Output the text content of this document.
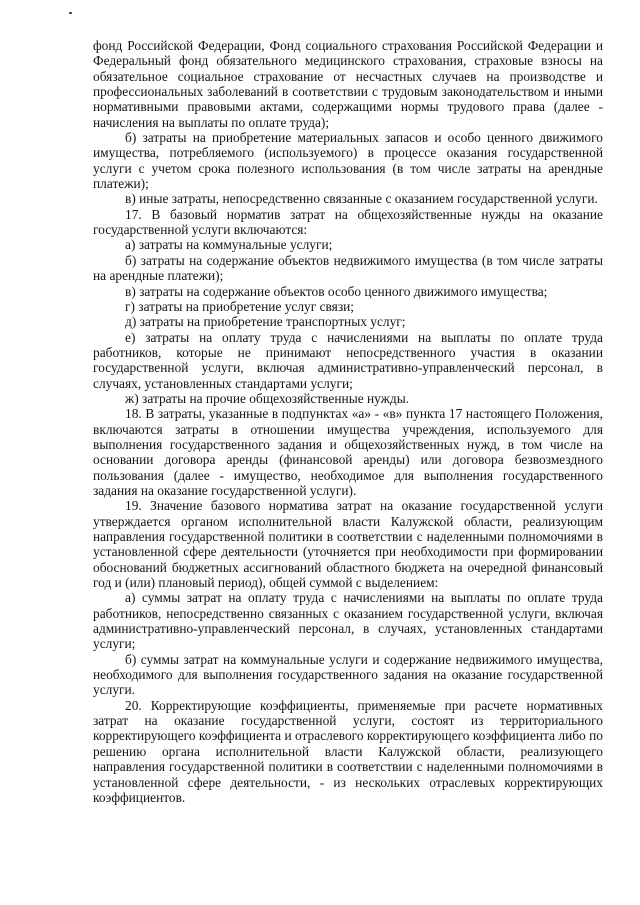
фонд Российской Федерации, Фонд социального страхования Российской Федерации и Федеральный фонд обязательного медицинского страхования, страховые взносы на обязательное социальное страхование от несчастных случаев на производстве и профессиональных заболеваний в соответствии с трудовым законодательством и иными нормативными правовыми актами, содержащими нормы трудового права (далее - начисления на выплаты по оплате труда);

б) затраты на приобретение материальных запасов и особо ценного движимого имущества, потребляемого (используемого) в процессе оказания государственной услуги с учетом срока полезного использования (в том числе затраты на арендные платежи);

в) иные затраты, непосредственно связанные с оказанием государственной услуги.

17. В базовый норматив затрат на общехозяйственные нужды на оказание государственной услуги включаются:

а) затраты на коммунальные услуги;

б) затраты на содержание объектов недвижимого имущества (в том числе затраты на арендные платежи);

в) затраты на содержание объектов особо ценного движимого имущества;

г) затраты на приобретение услуг связи;

д) затраты на приобретение транспортных услуг;

е) затраты на оплату труда с начислениями на выплаты по оплате труда работников, которые не принимают непосредственного участия в оказании государственной услуги, включая административно-управленческий персонал, в случаях, установленных стандартами услуги;

ж) затраты на прочие общехозяйственные нужды.

18. В затраты, указанные в подпунктах «а» - «в» пункта 17 настоящего Положения, включаются затраты в отношении имущества учреждения, используемого для выполнения государственного задания и общехозяйственных нужд, в том числе на основании договора аренды (финансовой аренды) или договора безвозмездного пользования (далее - имущество, необходимое для выполнения государственного задания на оказание государственной услуги).

19. Значение базового норматива затрат на оказание государственной услуги утверждается органом исполнительной власти Калужской области, реализующим направления государственной политики в соответствии с наделенными полномочиями в установленной сфере деятельности (уточняется при необходимости при формировании обоснований бюджетных ассигнований областного бюджета на очередной финансовый год и (или) плановый период), общей суммой с выделением:

а) суммы затрат на оплату труда с начислениями на выплаты по оплате труда работников, непосредственно связанных с оказанием государственной услуги, включая административно-управленческий персонал, в случаях, установленных стандартами услуги;

б) суммы затрат на коммунальные услуги и содержание недвижимого имущества, необходимого для выполнения государственного задания на оказание государственной услуги.

20. Корректирующие коэффициенты, применяемые при расчете нормативных затрат на оказание государственной услуги, состоят из территориального корректирующего коэффициента и отраслевого корректирующего коэффициента либо по решению органа исполнительной власти Калужской области, реализующего направления государственной политики в соответствии с наделенными полномочиями в установленной сфере деятельности, - из нескольких отраслевых корректирующих коэффициентов.
